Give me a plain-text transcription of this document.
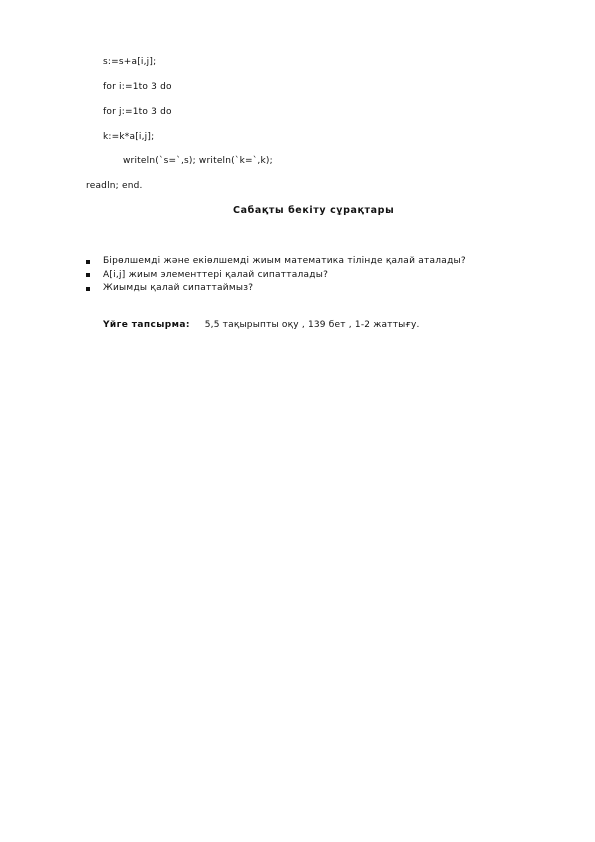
s:=s+a[i,j];
for i:=1to 3 do
for j:=1to 3 do
k:=k*a[i,j];
writeln(`s=`,s); writeln(`k=`,k);
readln; end.
Сабақты бекіту сұрақтары
Бірөлшемді және екіөлшемді жиым математика тілінде қалай аталады?
A[i,j] жиым элементтері қалай сипатталады?
Жиымды қалай сипаттаймыз?
Үйге тапсырма: 5,5 тақырыпты оқу , 139 бет , 1-2 жаттығу.
